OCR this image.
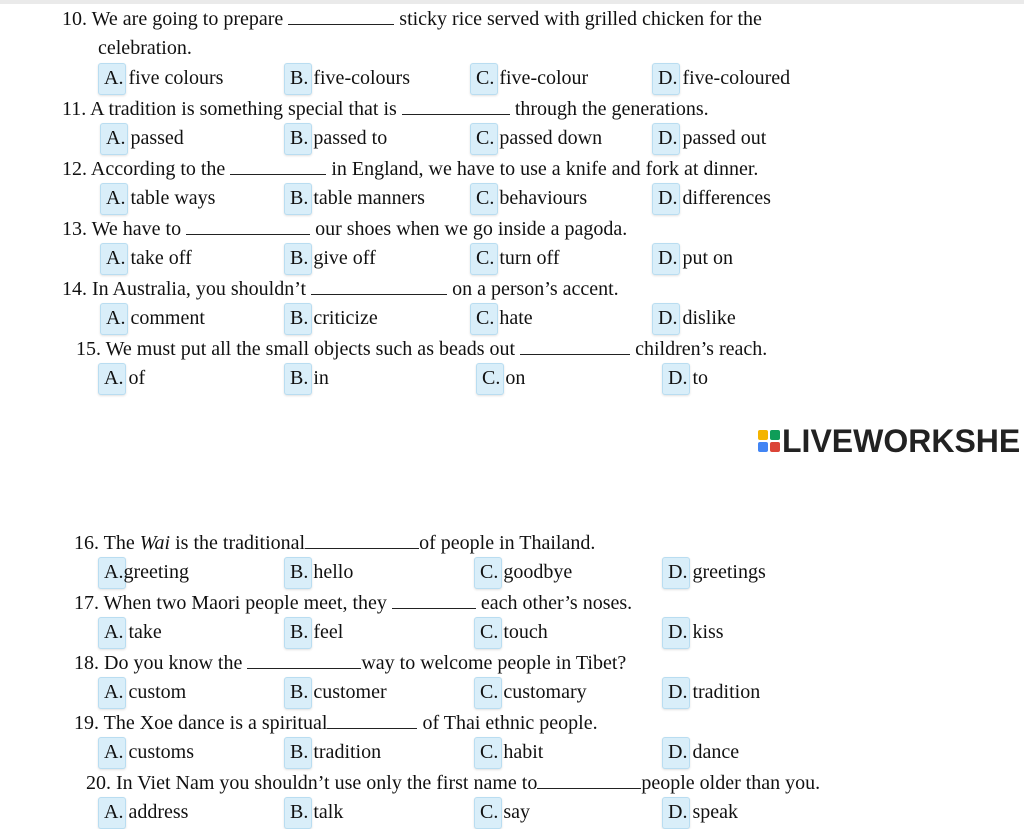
10. We are going to prepare	sticky rice served with grilled chicken for the
celebration.
A. five colours	B. five-colours	C. five-colour	D. five-coloured
11. A tradition is something special that is	through the generations.
A. passed	B. passed to	C. passed down	D. passed out
12. According to the	in England, we have to use a knife and fork at dinner.
A. table ways	B. table manners	C. behaviours	D. differences
13. We have to	our shoes when we go inside a pagoda.
A. take off	B. give off	C. turn off	D. put on
14. In Australia, you shouldn’t	on a person’s accent.
A. comment	B. criticize	C. hate	D. dislike
15. We must put all the small objects such as beads out	children’s reach.
A. of	B. in	C. on	D. to
LIVEWORKSHE
16. The Wai is the traditional	of people in Thailand.
A.greeting	B. hello	C. goodbye	D. greetings
17. When two Maori people meet, they	each other’s noses.
A. take	B. feel	C. touch	D. kiss
18. Do you know the	way to welcome people in Tibet?
A. custom	B. customer	C. customary	D. tradition
19. The Xoe dance is a spiritual	of Thai ethnic people.
A. customs	B. tradition	C. habit	D. dance
20. In Viet Nam you shouldn’t use only the first name to	people older than you.
A. address	B. talk	C. say	D. speak
